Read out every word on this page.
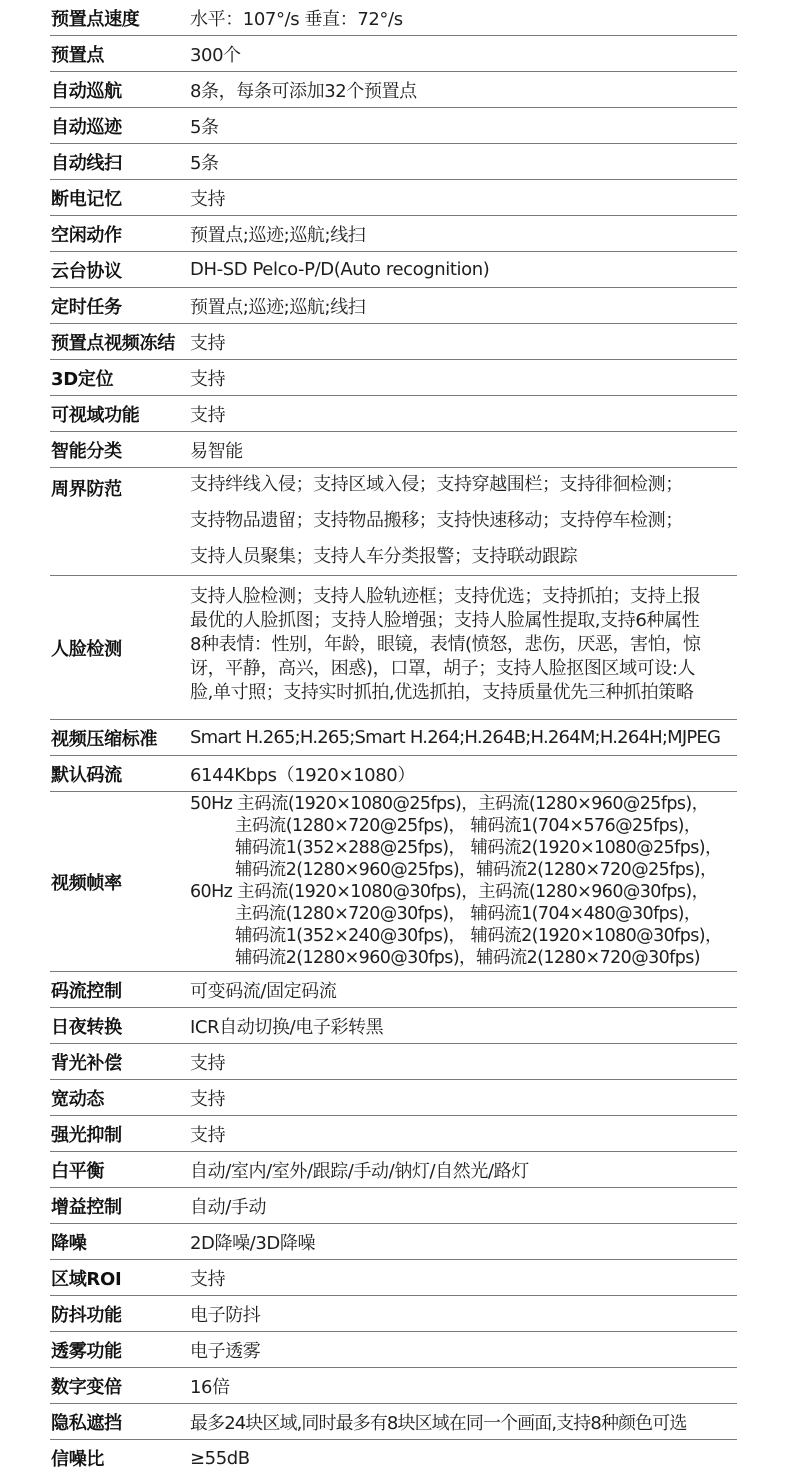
预置点速度	水平：107°/s 垂直：72°/s
预置点	300个
自动巡航	8条，每条可添加32个预置点
自动巡迹	5条
自动线扫	5条
断电记忆	支持
空闲动作	预置点;巡迹;巡航;线扫
云台协议	DH-SD Pelco-P/D(Auto recognition)
定时任务	预置点;巡迹;巡航;线扫
预置点视频冻结 支持
3D定位	支持
可视域功能	支持
智能分类	易智能
周界防范	支持绊线入侵；支持区域入侵；支持穿越围栏；支持徘徊检测；
支持物品遗留；支持物品搬移；支持快速移动；支持停车检测；
支持人员聚集；支持人车分类报警；支持联动跟踪
人脸检测
支持人脸检测；支持人脸轨迹框；支持优选；支持抓拍；支持上报
最优的人脸抓图；支持人脸增强；支持人脸属性提取,支持6种属性
8种表情：性别，年龄，眼镜，表情(愤怒，悲伤，厌恶，害怕，惊
讶，平静，高兴，困惑)，口罩，胡子；支持人脸抠图区域可设:人
脸,单寸照；支持实时抓拍,优选抓拍，支持质量优先三种抓拍策略
视频压缩标准	Smart H.265;H.265;Smart H.264;H.264B;H.264M;H.264H;MJPEG
默认码流	6144Kbps（1920×1080）
视频帧率
50Hz 主码流(1920×1080@25fps)，主码流(1280×960@25fps)，
主码流(1280×720@25fps)， 辅码流1(704×576@25fps)，
辅码流1(352×288@25fps)， 辅码流2(1920×1080@25fps)，
辅码流2(1280×960@25fps)，辅码流2(1280×720@25fps)，
60Hz 主码流(1920×1080@30fps)，主码流(1280×960@30fps)，
主码流(1280×720@30fps)， 辅码流1(704×480@30fps)，
辅码流1(352×240@30fps)， 辅码流2(1920×1080@30fps)，
辅码流2(1280×960@30fps)，辅码流2(1280×720@30fps)
码流控制	可变码流/固定码流
日夜转换	ICR自动切换/电子彩转黑
背光补偿	支持
宽动态	支持
强光抑制	支持
白平衡	自动/室内/室外/跟踪/手动/钠灯/自然光/路灯
增益控制	自动/手动
降噪	2D降噪/3D降噪
区域ROI	支持
防抖功能	电子防抖
透雾功能	电子透雾
数字变倍	16倍
隐私遮挡	最多24块区域,同时最多有8块区域在同一个画面,支持8种颜色可选
信噪比	≥55dB
